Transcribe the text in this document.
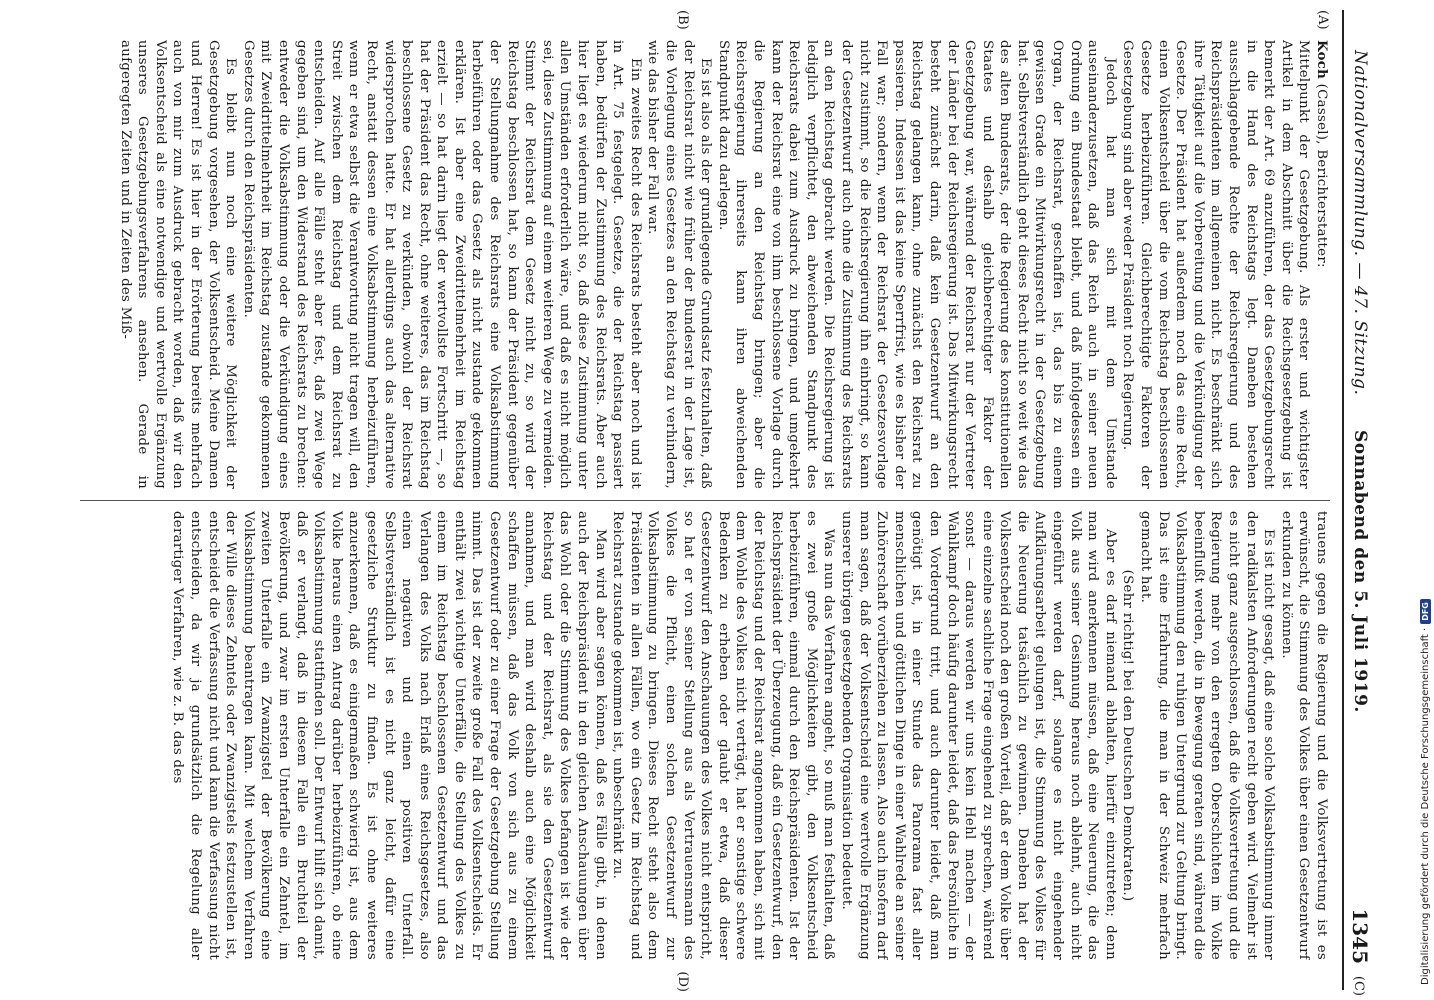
Nationalversammlung. — 47. Sitzung.
Sonnabend den 5. Juli 1919.
(C)
1345
(A)
(B)
(D)

Koch (Cassel), Berichterstatter:

Mittelpunkt der Gesetzgebung. Als erster und wichtigster Artikel in dem Abschnitt über die Reichsgesetzgebung ist bemerkt der Art. 69 anzuführen, der das Gesetzgebungsrecht in die Hand des Reichstags legt. Daneben bestehen ausschlaggebende Rechte der Reichsregierung und des Reichspräsidenten im allgemeinen nicht. Es beschränkt sich ihre Tätigkeit auf die Vorbereitung und die Verkündigung der Gesetze. Der Präsident hat außerdem noch das eine Recht, einen Volksentscheid über die vom Reichstag beschlossenen Gesetze herbeizuführen. Gleichberechtigte Faktoren der Gesetzgebung sind aber weder Präsident noch Regierung.

Jedoch hat man sich mit dem Umstande auseinanderzusetzen, daß das Reich auch in seiner neuen Ordnung ein Bundesstaat bleibt, und daß infolgedessen ein Organ, der Reichsrat, geschaffen ist, das bis zu einem gewissen Grade ein Mitwirkungsrecht in der Gesetzgebung hat. Selbstverständlich geht dieses Recht nicht so weit wie das des alten Bundesrats, der die Regierung des konstitutionellen Staates und deshalb gleichberechtigter Faktor der Gesetzgebung war, während der Reichsrat nur der Vertreter der Länder bei der Reichsregierung ist. Das Mitwirkungsrecht besteht zunächst darin, daß kein Gesetzentwurf an den Reichstag gelangen kann, ohne zunächst den Reichsrat zu passieren. Indessen ist das keine Sperrfrist, wie es bisher der Fall war; sondern, wenn der Reichsrat der Gesetzesvorlage nicht zustimmt, so die Reichsregierung ihn einbringt, so kann der Gesetzentwurf auch ohne die Zustimmung des Reichsrats an den Reichstag gebracht werden. Die Reichsregierung ist lediglich verpflichtet, den abweichenden Standpunkt des Reichsrats dabei zum Ausdruck zu bringen, und umgekehrt kann der Reichsrat eine von ihm beschlossene Vorlage durch die Regierung an den Reichstag bringen; aber die Reichsregierung ihrerseits kann ihren abweichenden Standpunkt dazu darlegen.

Es ist also als der grundlegende Grundsatz festzuhalten, daß der Reichsrat nicht wie früher der Bundesrat in der Lage ist, die Vorlegung eines Gesetzes an den Reichstag zu verhindern, wie das bisher der Fall war.

Ein zweites Recht des Reichsrats besteht aber noch und ist in Art. 75 festgelegt. Gesetze, die der Reichstag passiert haben, bedürfen der Zustimmung des Reichsrats. Aber auch hier liegt es wiederum nicht so, daß diese Zustimmung unter allen Umständen erforderlich wäre, und daß es nicht möglich sei, diese Zustimmung auf einem weiteren Wege zu vermeiden. Stimmt der Reichsrat dem Gesetz nicht zu, so wird der Reichstag beschlossen hat, so kann der Präsident gegenüber der Stellungnahme des Reichsrats eine Volksabstimmung herbeiführen oder das Gesetz als nicht zustande gekommen erklären. Ist aber eine Zweidrittelmehrheit im Reichstag erzielt — so hat darin liegt der wertvollste Fortschritt —, so hat der Präsident das Recht, ohne weiteres, das im Reichstag beschlossene Gesetz zu verkünden, obwohl der Reichsrat widersprochen hatte. Er hat allerdings auch das alternative Recht, anstatt dessen eine Volksabstimmung herbeizuführen, wenn er etwa selbst die Verantwortung nicht tragen will, den Streit zwischen dem Reichstag und dem Reichsrat zu entscheiden. Auf alle Fälle steht aber fest, daß zwei Wege gegeben sind, um den Widerstand des Reichsrats zu brechen: entweder die Volksabstimmung oder die Verkündigung eines mit Zweidrittelmehrheit im Reichstag zustande gekommenen Gesetzes durch den Reichspräsidenten.

Es bleibt nun noch eine weitere Möglichkeit der Gesetzgebung vorgesehen, der Volksentscheid. Meine Damen und Herren! Es ist hier in der Erörterung bereits mehrfach auch von mir zum Ausdruck gebracht worden, daß wir den Volksentscheid als eine notwendige und wertvolle Ergänzung unseres Gesetzgebungsverfahrens ansehen. Gerade in aufgeregten Zeiten und in Zeiten des Miß-

trauens gegen die Regierung und die Volksvertretung ist es erwünscht, die Stimmung des Volkes über einen Gesetzentwurf erkunden zu können.

Es ist nicht gesagt, daß eine solche Volksabstimmung immer den radikalsten Anforderungen recht geben wird. Vielmehr ist es nicht ganz ausgeschlossen, daß die Volksvertretung und die Regierung mehr von den erregten Oberschichten im Volke beeinflußt werden, die in Bewegung geraten sind, während die Volksabstimmung den ruhigen Untergrund zur Geltung bringt. Das ist eine Erfahrung, die man in der Schweiz mehrfach gemacht hat.

(Sehr richtig! bei den Deutschen Demokraten.)

Aber es darf niemand abhalten, hierfür einzutreten; denn man wird anerkennen müssen, daß eine Neuerung, die das Volk aus seiner Gesinnung heraus noch ablehnt, auch nicht eingeführt werden darf, solange es nicht eingehender Aufklärungsarbeit gelungen ist, die Stimmung des Volkes für die Neuerung tatsächlich zu gewinnen. Daneben hat der Volksentscheid noch den großen Vorteil, daß er dem Volke über eine einzelne sachliche Frage eingehend zu sprechen, während sonst — daraus werden wir uns kein Hehl machen — der Wahlkampf doch häufig darunter leidet, daß das Persönliche in den Vordergrund tritt, und auch darunter leidet, daß man genötigt ist, in einer Stunde das Panorama fast aller menschlichen und göttlichen Dinge in einer Wahlrede an seiner Zuhörerschaft vorüberziehen zu lassen. Also auch insofern darf man sagen, daß der Volksentscheid eine wertvolle Ergänzung unserer übrigen gesetzgebenden Organisation bedeutet.

Was nun das Verfahren angeht, so muß man festhalten, daß es zwei große Möglichkeiten gibt, den Volksentscheid herbeizuführen, einmal durch den Reichspräsidenten. Ist der Reichspräsident der Überzeugung, daß ein Gesetzentwurf, den der Reichstag und der Reichsrat angenommen haben, sich mit dem Wohle des Volkes nicht verträgt, hat er sonstige schwere Bedenken zu erheben oder glaubt er etwa, daß dieser Gesetzentwurf den Anschauungen des Volkes nicht entspricht, so hat er von seiner Stellung aus als Vertrauensmann des Volkes die Pflicht, einen solchen Gesetzentwurf zur Volksabstimmung zu bringen. Dieses Recht steht also dem Präsidenten in allen Fällen, wo ein Gesetz im Reichstag und Reichsrat zustande gekommen ist, unbeschränkt zu.

Man wird aber sagen können, daß es Fälle gibt, in denen auch der Reichspräsident in den gleichen Anschauungen über das Wohl oder die Stimmung des Volkes befangen ist wie der Reichstag und der Reichsrat, als sie den Gesetzentwurf annahmen, und man wird deshalb auch eine Möglichkeit schaffen müssen, daß das Volk von sich aus zu einem Gesetzentwurf oder zu einer Frage der Gesetzgebung Stellung nimmt. Das ist der zweite große Fall des Volksentscheids. Er enthält zwei wichtige Unterfälle, die Stellung des Volkes zu einem im Reichstag beschlossenen Gesetzentwurf und das Verlangen des Volks nach Erlaß eines Reichsgesetzes, also einen negativen und einen positiven Unterfall. Selbstverständlich ist es nicht ganz leicht, dafür eine gesetzliche Struktur zu finden. Es ist ohne weiteres anzuerkennen, daß es einigermaßen schwierig ist, aus dem Volke heraus einen Antrag darüber herbeizuführen, ob eine Volksabstimmung stattfinden soll. Der Entwurf hilft sich damit, daß er verlangt, daß in diesem Falle ein Bruchteil der Bevölkerung, und zwar im ersten Unterfalle ein Zehntel, im zweiten Unterfalle ein Zwanzigstel der Bevölkerung eine Volksabstimmung beantragen kann. Mit welchem Verfahren der Wille dieses Zehntels oder Zwanzigstels festzustellen ist, entscheidet die Verfassung nicht und kann die Verfassung nicht entscheiden, da wir ja grundsätzlich die Regelung aller derartiger Verfahren, wie z. B. das des	Digitalisierung gefördert durch die Deutsche Forschungsgemeinschaft ·
DFG
